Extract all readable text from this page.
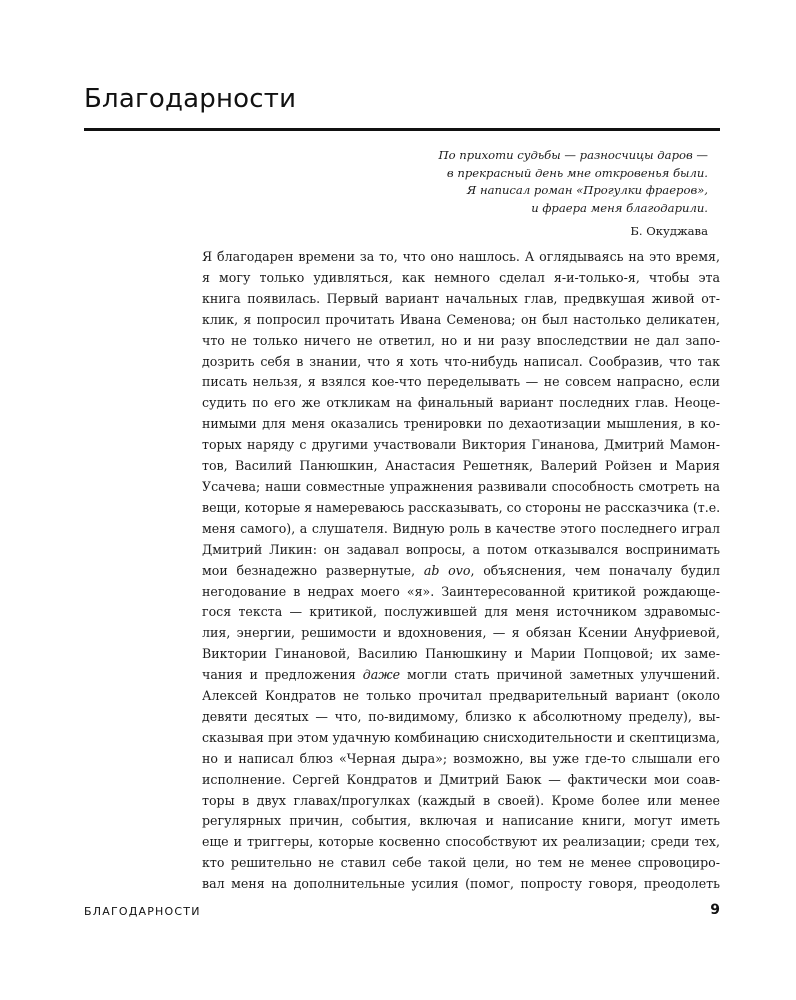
Благодарности
По прихоти судьбы — разносчицы даров —
в прекрасный день мне откровенья были.
Я написал роман «Прогулки фраеров»,
и фраера меня благодарили.
Б. Окуджава
Я благодарен времени за то, что оно нашлось. А оглядываясь на это время,
я могу только удивляться, как немного сделал я-и-только-я, чтобы эта
книга появилась. Первый вариант начальных глав, предвкушая живой от-
клик, я попросил прочитать Ивана Семенова; он был настолько деликатен,
что не только ничего не ответил, но и ни разу впоследствии не дал запо-
дозрить себя в знании, что я хоть что-нибудь написал. Сообразив, что так
писать нельзя, я взялся кое-что переделывать — не совсем напрасно, если
судить по его же откликам на финальный вариант последних глав. Неоце-
нимыми для меня оказались тренировки по дехаотизации мышления, в ко-
торых наряду с другими участвовали Виктория Гинанова, Дмитрий Мамон-
тов, Василий Панюшкин, Анастасия Решетняк, Валерий Ройзен и Мария
Усачева; наши совместные упражнения развивали способность смотреть на
вещи, которые я намереваюсь рассказывать, со стороны не рассказчика (т.е.
меня самого), а слушателя. Видную роль в качестве этого последнего играл
Дмитрий Ликин: он задавал вопросы, а потом отказывался воспринимать
мои безнадежно развернутые, ab ovo, объяснения, чем поначалу будил
негодование в недрах моего «я». Заинтересованной критикой рождающе-
гося текста — критикой, послужившей для меня источником здравомыс-
лия, энергии, решимости и вдохновения, — я обязан Ксении Ануфриевой,
Виктории Гинановой, Василию Панюшкину и Марии Попцовой; их заме-
чания и предложения даже могли стать причиной заметных улучшений.
Алексей Кондратов не только прочитал предварительный вариант (около
девяти десятых — что, по-видимому, близко к абсолютному пределу), вы-
сказывая при этом удачную комбинацию снисходительности и скептицизма,
но и написал блюз «Черная дыра»; возможно, вы уже где-то слышали его
исполнение. Сергей Кондратов и Дмитрий Баюк — фактически мои соав-
торы в двух главах/прогулках (каждый в своей). Кроме более или менее
регулярных причин, события, включая и написание книги, могут иметь
еще и триггеры, которые косвенно способствуют их реализации; среди тех,
кто решительно не ставил себе такой цели, но тем не менее спровоциро-
вал меня на дополнительные усилия (помог, попросту говоря, преодолеть
БЛАГОДАРНОСТИ	9
